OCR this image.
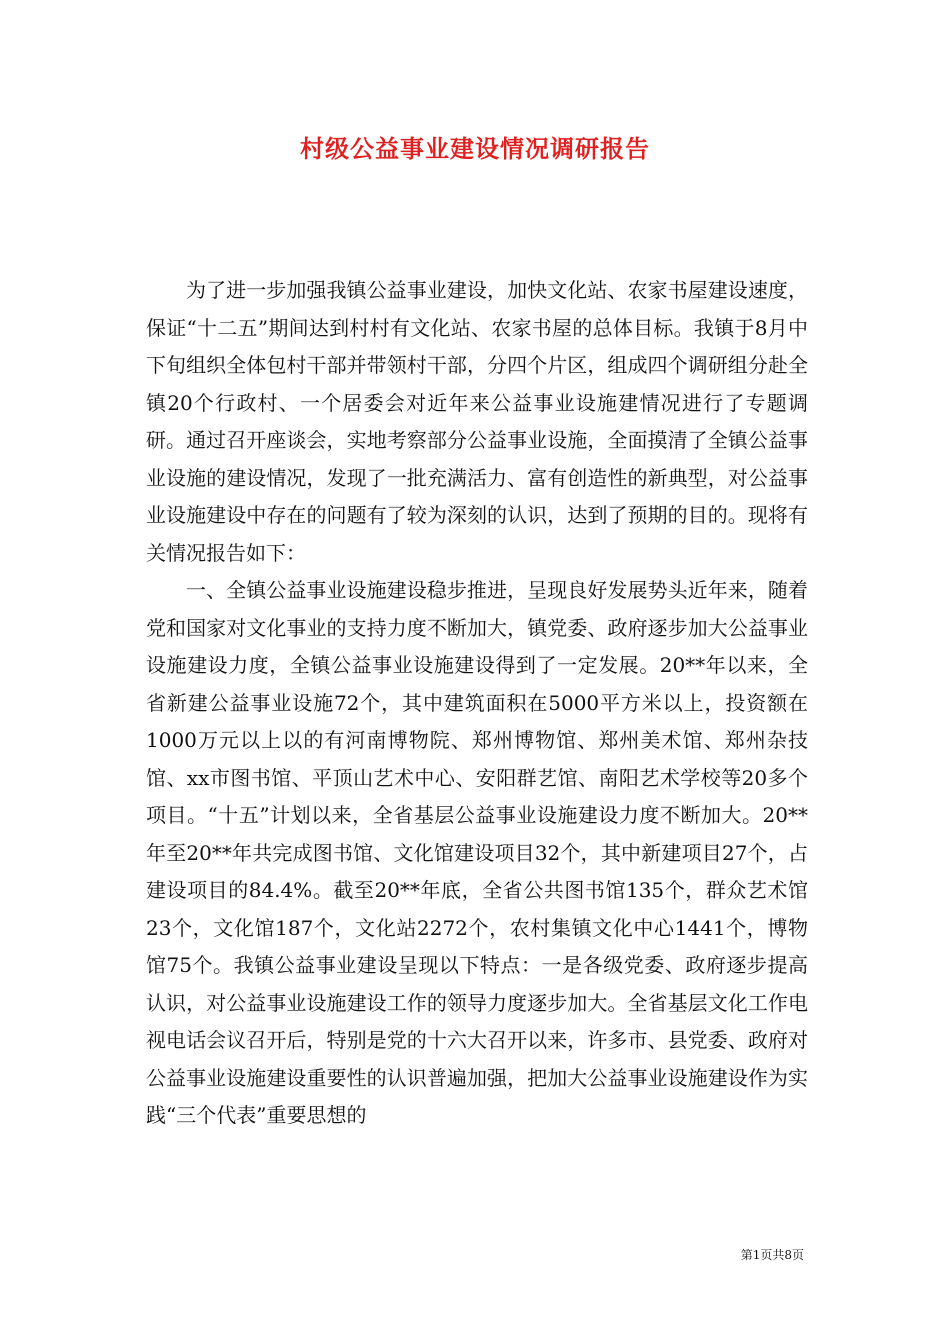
村级公益事业建设情况调研报告

为了进一步加强我镇公益事业建设，加快文化站、农家书屋建设速度，保证“十二五”期间达到村村有文化站、农家书屋的总体目标。我镇于8月中下旬组织全体包村干部并带领村干部，分四个片区，组成四个调研组分赴全镇20个行政村、一个居委会对近年来公益事业设施建情况进行了专题调研。通过召开座谈会，实地考察部分公益事业设施，全面摸清了全镇公益事业设施的建设情况，发现了一批充满活力、富有创造性的新典型，对公益事业设施建设中存在的问题有了较为深刻的认识，达到了预期的目的。现将有关情况报告如下：

一、全镇公益事业设施建设稳步推进，呈现良好发展势头近年来，随着党和国家对文化事业的支持力度不断加大，镇党委、政府逐步加大公益事业设施建设力度，全镇公益事业设施建设得到了一定发展。20**年以来，全省新建公益事业设施72个，其中建筑面积在5000平方米以上，投资额在1000万元以上以的有河南博物院、郑州博物馆、郑州美术馆、郑州杂技馆、xx市图书馆、平顶山艺术中心、安阳群艺馆、南阳艺术学校等20多个项目。“十五”计划以来，全省基层公益事业设施建设力度不断加大。20**年至20**年共完成图书馆、文化馆建设项目32个，其中新建项目27个，占建设项目的84.4%。截至20**年底，全省公共图书馆135个，群众艺术馆23个，文化馆187个，文化站2272个，农村集镇文化中心1441个，博物馆75个。我镇公益事业建设呈现以下特点：一是各级党委、政府逐步提高认识，对公益事业设施建设工作的领导力度逐步加大。全省基层文化工作电视电话会议召开后，特别是党的十六大召开以来，许多市、县党委、政府对公益事业设施建设重要性的认识普遍加强，把加大公益事业设施建设作为实践“三个代表”重要思想的

第1页共8页
